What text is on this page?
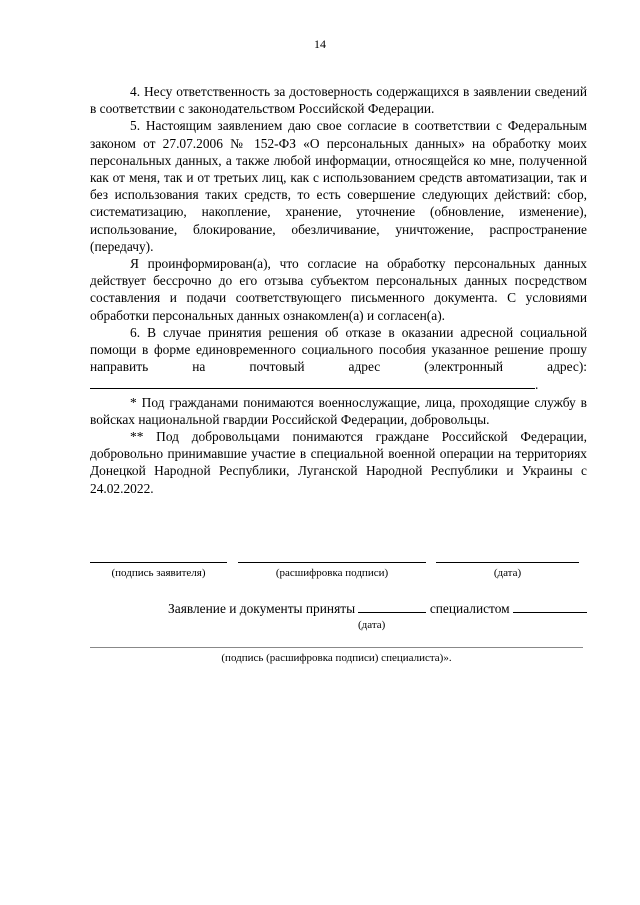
14

4. Несу ответственность за достоверность содержащихся в заявлении сведений в соответствии с законодательством Российской Федерации.

5. Настоящим заявлением даю свое согласие в соответствии с Федеральным законом от 27.07.2006 № 152-ФЗ «О персональных данных» на обработку моих персональных данных, а также любой информации, относящейся ко мне, полученной как от меня, так и от третьих лиц, как с использованием средств автоматизации, так и без использования таких средств, то есть совершение следующих действий: сбор, систематизацию, накопление, хранение, уточнение (обновление, изменение), использование, блокирование, обезличивание, уничтожение, распространение (передачу).

Я проинформирован(а), что согласие на обработку персональных данных действует бессрочно до его отзыва субъектом персональных данных посредством составления и подачи соответствующего письменного документа. С условиями обработки персональных данных ознакомлен(а) и согласен(а).

6. В случае принятия решения об отказе в оказании адресной социальной помощи в форме единовременного социального пособия указанное решение прошу направить на почтовый адрес (электронный адрес):.

* Под гражданами понимаются военнослужащие, лица, проходящие службу в войсках национальной гвардии Российской Федерации, добровольцы.

** Под добровольцами понимаются граждане Российской Федерации, добровольно принимавшие участие в специальной военной операции на территориях Донецкой Народной Республики, Луганской Народной Республики и Украины с 24.02.2022.

(подпись заявителя)	(расшифровка подписи)	(дата)
Заявление и документы приняты	специалистом
(дата)
(подпись (расшифровка подписи) специалиста)».
